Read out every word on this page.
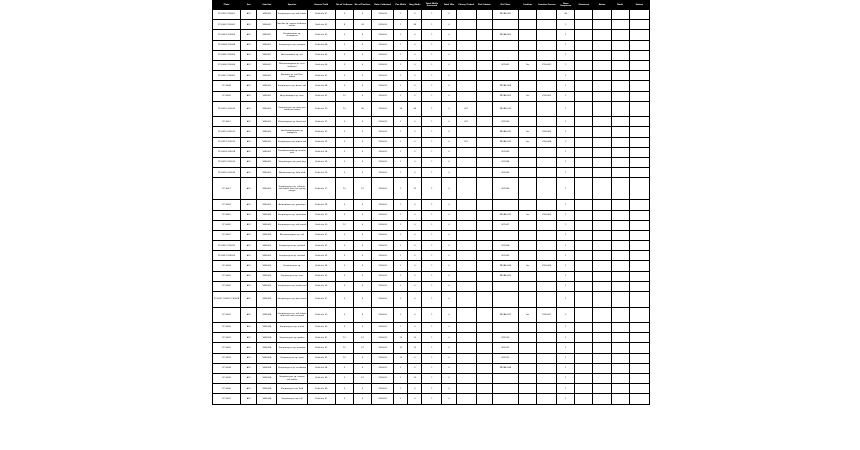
Plate	Set	Sub-Set	Species	Source Field	No of Cultures	No of Positive	Date Collected	Pos Wells	Neg Wells	Total Wells Screened	Total Hits	Cherry Picked	Pick Status	Hit Plate	Confirm	Counter Screen	Dose Response	Structure	Notes	Rank	Status
PC-0001 C00001	A01	SUB-001	Streptomyces sp. soil isolate	Field site 01	3	0	2014-03	1	0	1	0			PROBE-001			45				
PC-0002 C00002	A01	SUB-001	Bacillus sp. marine sediment isolate	Field site 02	8	24	2014-03	1	24	1	0						1				
PC-0003 C00003	A01	SUB-001	Pseudomonas sp. rhizosphere	Field site 03	3	0	2014-03	1	0	1	0			PROBE-003			1				
PC-0004 C00004	A01	SUB-001	Streptomyces sp. compost	Field site 04	3	0	2014-03	1	0	1	0						1				
PC-0005 C00005	A01	SUB-001	Actinomadura sp. soil	Field site 05	3	0	2014-03	1	0	1	0						1				
PC-0006 C00006	A01	SUB-001	Micromonospora sp. river sediment	Field site 06	3	0	2014-03	1	0	1	0			HIT-001	Yes	IC50-001	1				
PC-0007 C00007	A01	SUB-001	Nocardia sp. leaf litter isolate	Field site 07	3	0	2014-03	1	0	1	0						1				
PC-0008	A01	SUB-001	Streptomyces sp. desert soil	Field site 08	3	0	2014-03	1	0	1	0			PROBE-008			1				
PC-0009	A01	SUB-001	Amycolatopsis sp. cave	Field site 09	12	0	2014-03	1	0	1	0			PROBE-009	Yes	IC50-002	2				
PC-0010 C00010	A01	SUB-002	Streptomyces sp. deep sea sediment isolate	Field site 10	12	36	2014-03	16	36	1	0	HIT		PROBE-010			1				
PC-0011	A01	SUB-002	Kitasatospora sp. forest soil	Field site 11	3	0	2014-03	1	0	1	0	HIT		HIT-002			1				
PC-0012 C00012	A01	SUB-002	Saccharopolyspora sp. mangrove	Field site 12	3	0	2014-03	1	0	1	0			PROBE-012	Yes	IC50-003	1				
PC-0013 C00013	A01	SUB-002	Streptomyces sp. alpine soil	Field site 13	3	0	2014-03	1	0	1	0	HIT		PROBE-013	Yes	IC50-004	2				
PC-0014 C00014	A01	SUB-002	Pseudonocardia sp. termite nest	Field site 14	3	0	2014-03	1	0	1	0			HIT-003			1				
PC-0015 C00015	A01	SUB-002	Streptomyces sp. peat bog	Field site 15	3	0	2014-03	1	0	1	0			HIT-004			1				
PC-0016 C00016	A01	SUB-002	Nonomuraea sp. lake mud	Field site 16	3	0	2014-03	1	0	1	0			HIT-005			1				
PC-0017	A01	SUB-002	Streptomyces sp. volcanic soil isolate from hot spring margin	Field site 17	12	12	2014-03	1	12	1	0			HIT-006			1				
PC-0018	A01	SUB-002	Actinoplanes sp. grassland	Field site 18	3	0	2014-03	1	0	1	0						1				
PC-0019	A01	SUB-003	Streptomyces sp. sand dune	Field site 19	3	0	2014-03	1	0	1	0			PROBE-019	Yes	IC50-005	1				
PC-0020	A01	SUB-003	Streptomyces sp. salt marsh	Field site 20	12	0	2014-03	1	0	1	0			HIT-007			1				
PC-0021	A01	SUB-003	Micromonospora sp. soil	Field site 21	3	0	2014-03	1	0	1	0						1				
PC-0022 C00022	A01	SUB-003	Streptomyces sp. wetland	Field site 22	3	0	2014-03	1	0	1	0			HIT-008			1				
PC-0023 C00023	A01	SUB-003	Streptomyces sp. orchard	Field site 23	3	0	2014-03	1	0	1	0			HIT-009			1				
PC-0024	A01	SUB-003	Streptomyces sp.	Field site 24	3	0	2014-03	1	0	1	0			PROBE-024	Yes	IC50-006	1				
PC-0025	A01	SUB-003	Streptomyces sp. river	Field site 25	3	0	2014-03	1	0	1	0			PROBE-025			1				
PC-0026	A01	SUB-003	Streptomyces sp. tundra soil	Field site 26	3	0	2014-03	1	0	1	0						1				
PC-0027 C00027 C00028	A01	SUB-003	Streptomyces sp. pine forest	Field site 27	3	0	2014-03	1	0	1	0						1				
PC-0029	A01	SUB-004	Streptomyces sp. soil isolate collected near riverbank	Field site 29	3	0	2014-03	1	0	1	0			PROBE-029	Yes	IC50-007	2				
PC-0030	A01	SUB-004	Streptomyces sp. marsh	Field site 30	3	0	2014-03	1	0	1	0						1				
PC-0031	A01	SUB-004	Streptomyces sp. garden	Field site 31	12	12	2014-03	12	12	1	0			HIT-010			1				
PC-0032	A01	SUB-004	Streptomyces sp. meadow	Field site 32	12	12	2014-03	12	12	1	0			HIT-011			1				
PC-0033	A01	SUB-004	Streptomyces sp. coast	Field site 33	12	0	2014-03	12	0	1	0			HIT-012			1				
PC-0034	A01	SUB-004	Streptomyces sp. scrubland	Field site 34	3	0	2014-03	1	0	1	0			PROBE-034			1				
PC-0035	A01	SUB-004	Streptomyces sp. canyon soil isolate	Field site 35	3	12	2014-03	1	12	1	0						1				
PC-0036	A01	SUB-004	Streptomyces sp. field	Field site 36	3	0	2014-03	1	0	1	0						1				
PC-0037	A01	SUB-004	Streptomyces sp. hill	Field site 37	3	0	2014-03	1	0	1	0						1				
